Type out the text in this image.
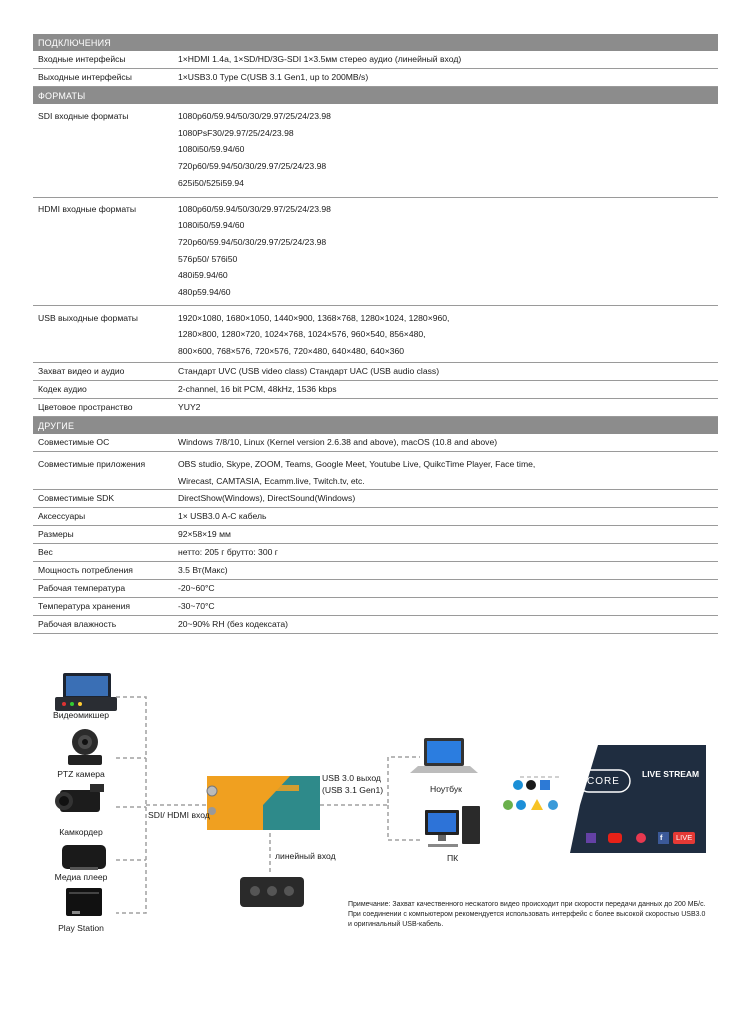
ПОДКЛЮЧЕНИЯ
Входные интерфейсы	1×HDMI 1.4a, 1×SD/HD/3G-SDI 1×3.5мм стерео аудио (линейный вход)
Выходные интерфейсы	1×USB3.0 Type C(USB 3.1 Gen1, up to 200MB/s)
ФОРМАТЫ
SDI входные форматы	1080p60/59.94/50/30/29.97/25/24/23.98
1080PsF30/29.97/25/24/23.98
1080i50/59.94/60
720p60/59.94/50/30/29.97/25/24/23.98
625i50/525i59.94
HDMI входные форматы	1080p60/59.94/50/30/29.97/25/24/23.98
1080i50/59.94/60
720p60/59.94/50/30/29.97/25/24/23.98
576p50/ 576i50
480i59.94/60
480p59.94/60
USB выходные форматы	1920×1080, 1680×1050, 1440×900, 1368×768, 1280×1024, 1280×960,
1280×800, 1280×720, 1024×768, 1024×576, 960×540, 856×480,
800×600, 768×576, 720×576, 720×480, 640×480, 640×360
Захват видео и аудио	Стандарт UVC (USB video class) Стандарт UAC (USB audio class)
Кодек аудио	2-channel, 16 bit PCM, 48kHz, 1536 kbps
Цветовое пространство	YUY2
ДРУГИЕ
Совместимые ОС	Windows 7/8/10, Linux (Kernel version 2.6.38 and above), macOS (10.8 and above)
Совместимые приложения	OBS studio, Skype, ZOOM, Teams, Google Meet, Youtube Live, QuikcTime Player, Face time,
Wirecast, CAMTASIA, Ecamm.live, Twitch.tv, etc.
Совместимые SDK	DirectShow(Windows), DirectSound(Windows)
Аксессуары	1× USB3.0 A-C кабель
Размеры	92×58×19 мм
Вес	нетто: 205 г брутто: 300 г
Мощность потребления	3.5 Вт(Макс)
Рабочая температура	-20~60°C
Температура хранения	-30~70°C
Рабочая влажность	20~90% RH (без кодексата)
Видеомикшер
PTZ камера
Камкордер
Медиа плеер
Play Station
SDI/ HDMI вход
линейный вход
USB 3.0 выход
(USB 3.1 Gen1)	Ноутбук
ПК
CORE
LIVE STREAM
f LIVE
Примечание: Захват качественного несжатого видео происходит при скорости передачи данных до 200 МБ/с. При соединении с компьютером рекомендуется использовать интерфейс с более высокой скоростью USB3.0 и оригинальный USB-кабель.
